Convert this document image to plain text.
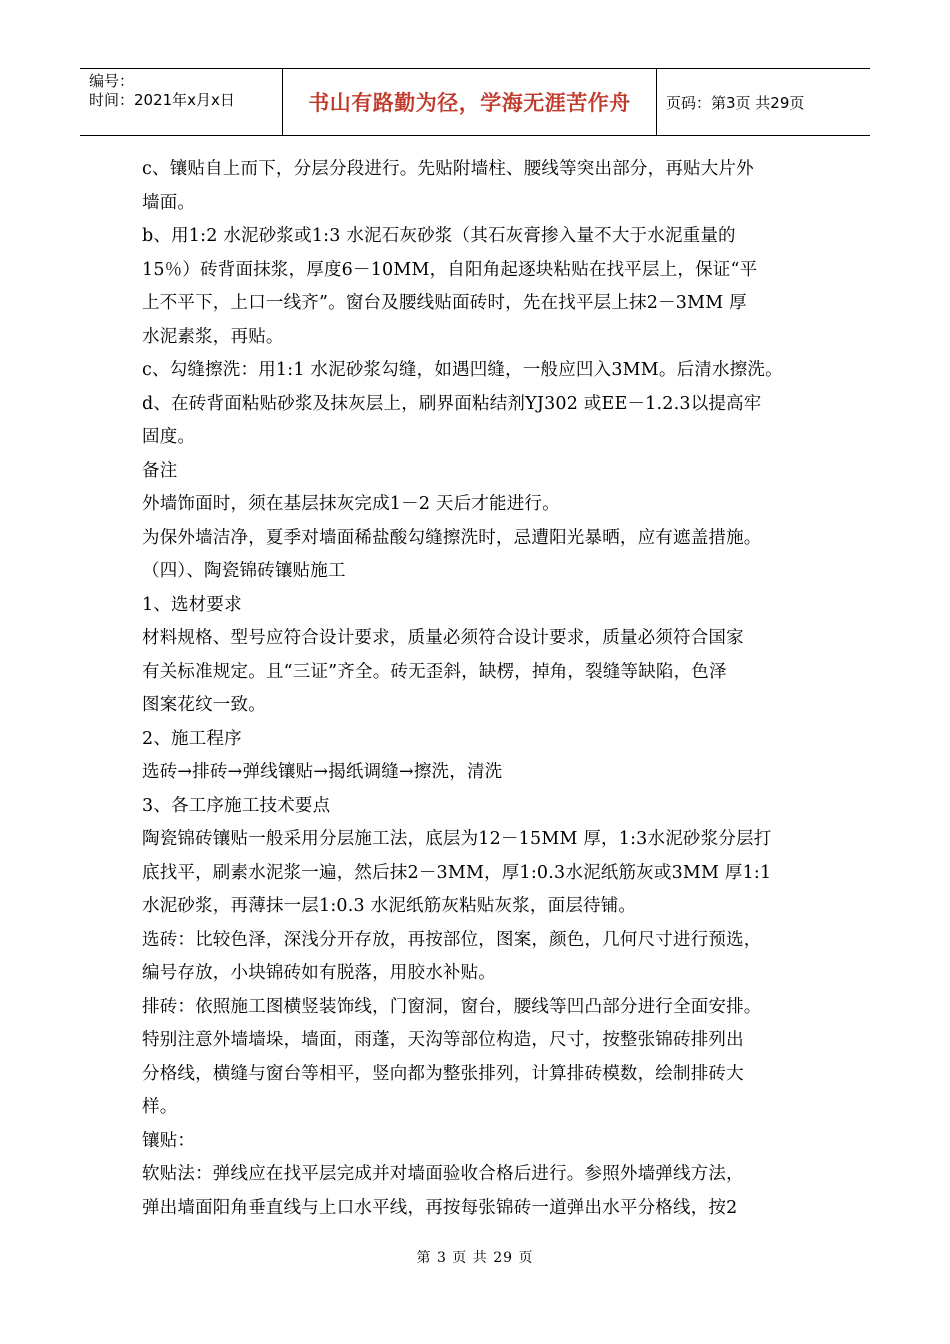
编号：
时间：2021年x月x日	书山有路勤为径，学海无涯苦作舟 页码：第3页 共29页

c、镶贴自上而下，分层分段进行。先贴附墙柱、腰线等突出部分，再贴大片外

墙面。

b、用1:2 水泥砂浆或1:3 水泥石灰砂浆（其石灰膏掺入量不大于水泥重量的

15％）砖背面抹浆，厚度6－10MM，自阳角起逐块粘贴在找平层上，保证“平

上不平下，上口一线齐”。窗台及腰线贴面砖时，先在找平层上抹2－3MM 厚

水泥素浆，再贴。

c、勾缝擦洗：用1:1 水泥砂浆勾缝，如遇凹缝，一般应凹入3MM。后清水擦洗。

d、在砖背面粘贴砂浆及抹灰层上，刷界面粘结剂YJ302 或EE－1.2.3以提高牢

固度。

备注

外墙饰面时，须在基层抹灰完成1－2 天后才能进行。

为保外墙洁净，夏季对墙面稀盐酸勾缝擦洗时，忌遭阳光暴晒，应有遮盖措施。

（四）、陶瓷锦砖镶贴施工

1、选材要求

材料规格、型号应符合设计要求，质量必须符合设计要求，质量必须符合国家

有关标准规定。且“三证”齐全。砖无歪斜，缺楞，掉角，裂缝等缺陷，色泽

图案花纹一致。

2、施工程序

选砖→排砖→弹线镶贴→揭纸调缝→擦洗，清洗

3、各工序施工技术要点

陶瓷锦砖镶贴一般采用分层施工法，底层为12－15MM 厚，1:3水泥砂浆分层打

底找平，刷素水泥浆一遍，然后抹2－3MM，厚1:0.3水泥纸筋灰或3MM 厚1:1

水泥砂浆，再薄抹一层1:0.3 水泥纸筋灰粘贴灰浆，面层待铺。

选砖：比较色泽，深浅分开存放，再按部位，图案，颜色，几何尺寸进行预选，

编号存放，小块锦砖如有脱落，用胶水补贴。

排砖：依照施工图横竖装饰线，门窗洞，窗台，腰线等凹凸部分进行全面安排。

特别注意外墙墙垛，墙面，雨蓬，天沟等部位构造，尺寸，按整张锦砖排列出

分格线，横缝与窗台等相平，竖向都为整张排列，计算排砖模数，绘制排砖大

样。

镶贴：

软贴法：弹线应在找平层完成并对墙面验收合格后进行。参照外墙弹线方法，

弹出墙面阳角垂直线与上口水平线，再按每张锦砖一道弹出水平分格线，按2

第 3 页 共 29 页
